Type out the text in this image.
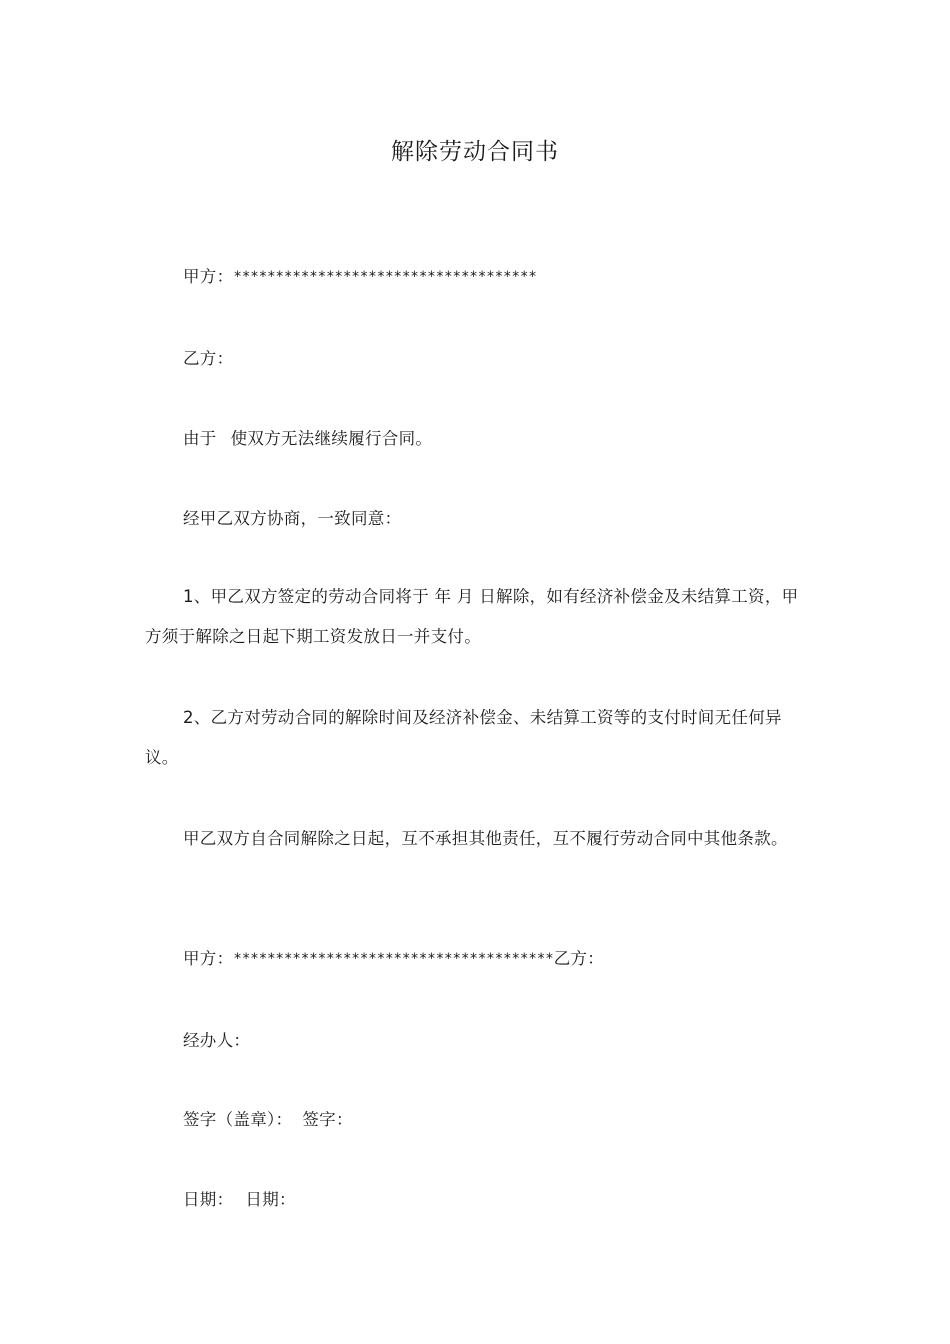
解除劳动合同书
甲方：************************************
乙方：
由于 使双方无法继续履行合同。
经甲乙双方协商，一致同意：
1、甲乙双方签定的劳动合同将于 年 月 日解除，如有经济补偿金及未结算工资，甲方须于解除之日起下期工资发放日一并支付。
2、乙方对劳动合同的解除时间及经济补偿金、未结算工资等的支付时间无任何异议。
甲乙双方自合同解除之日起，互不承担其他责任，互不履行劳动合同中其他条款。
甲方：**************************************乙方：
经办人：
签字（盖章）： 签字：
日期： 日期：
